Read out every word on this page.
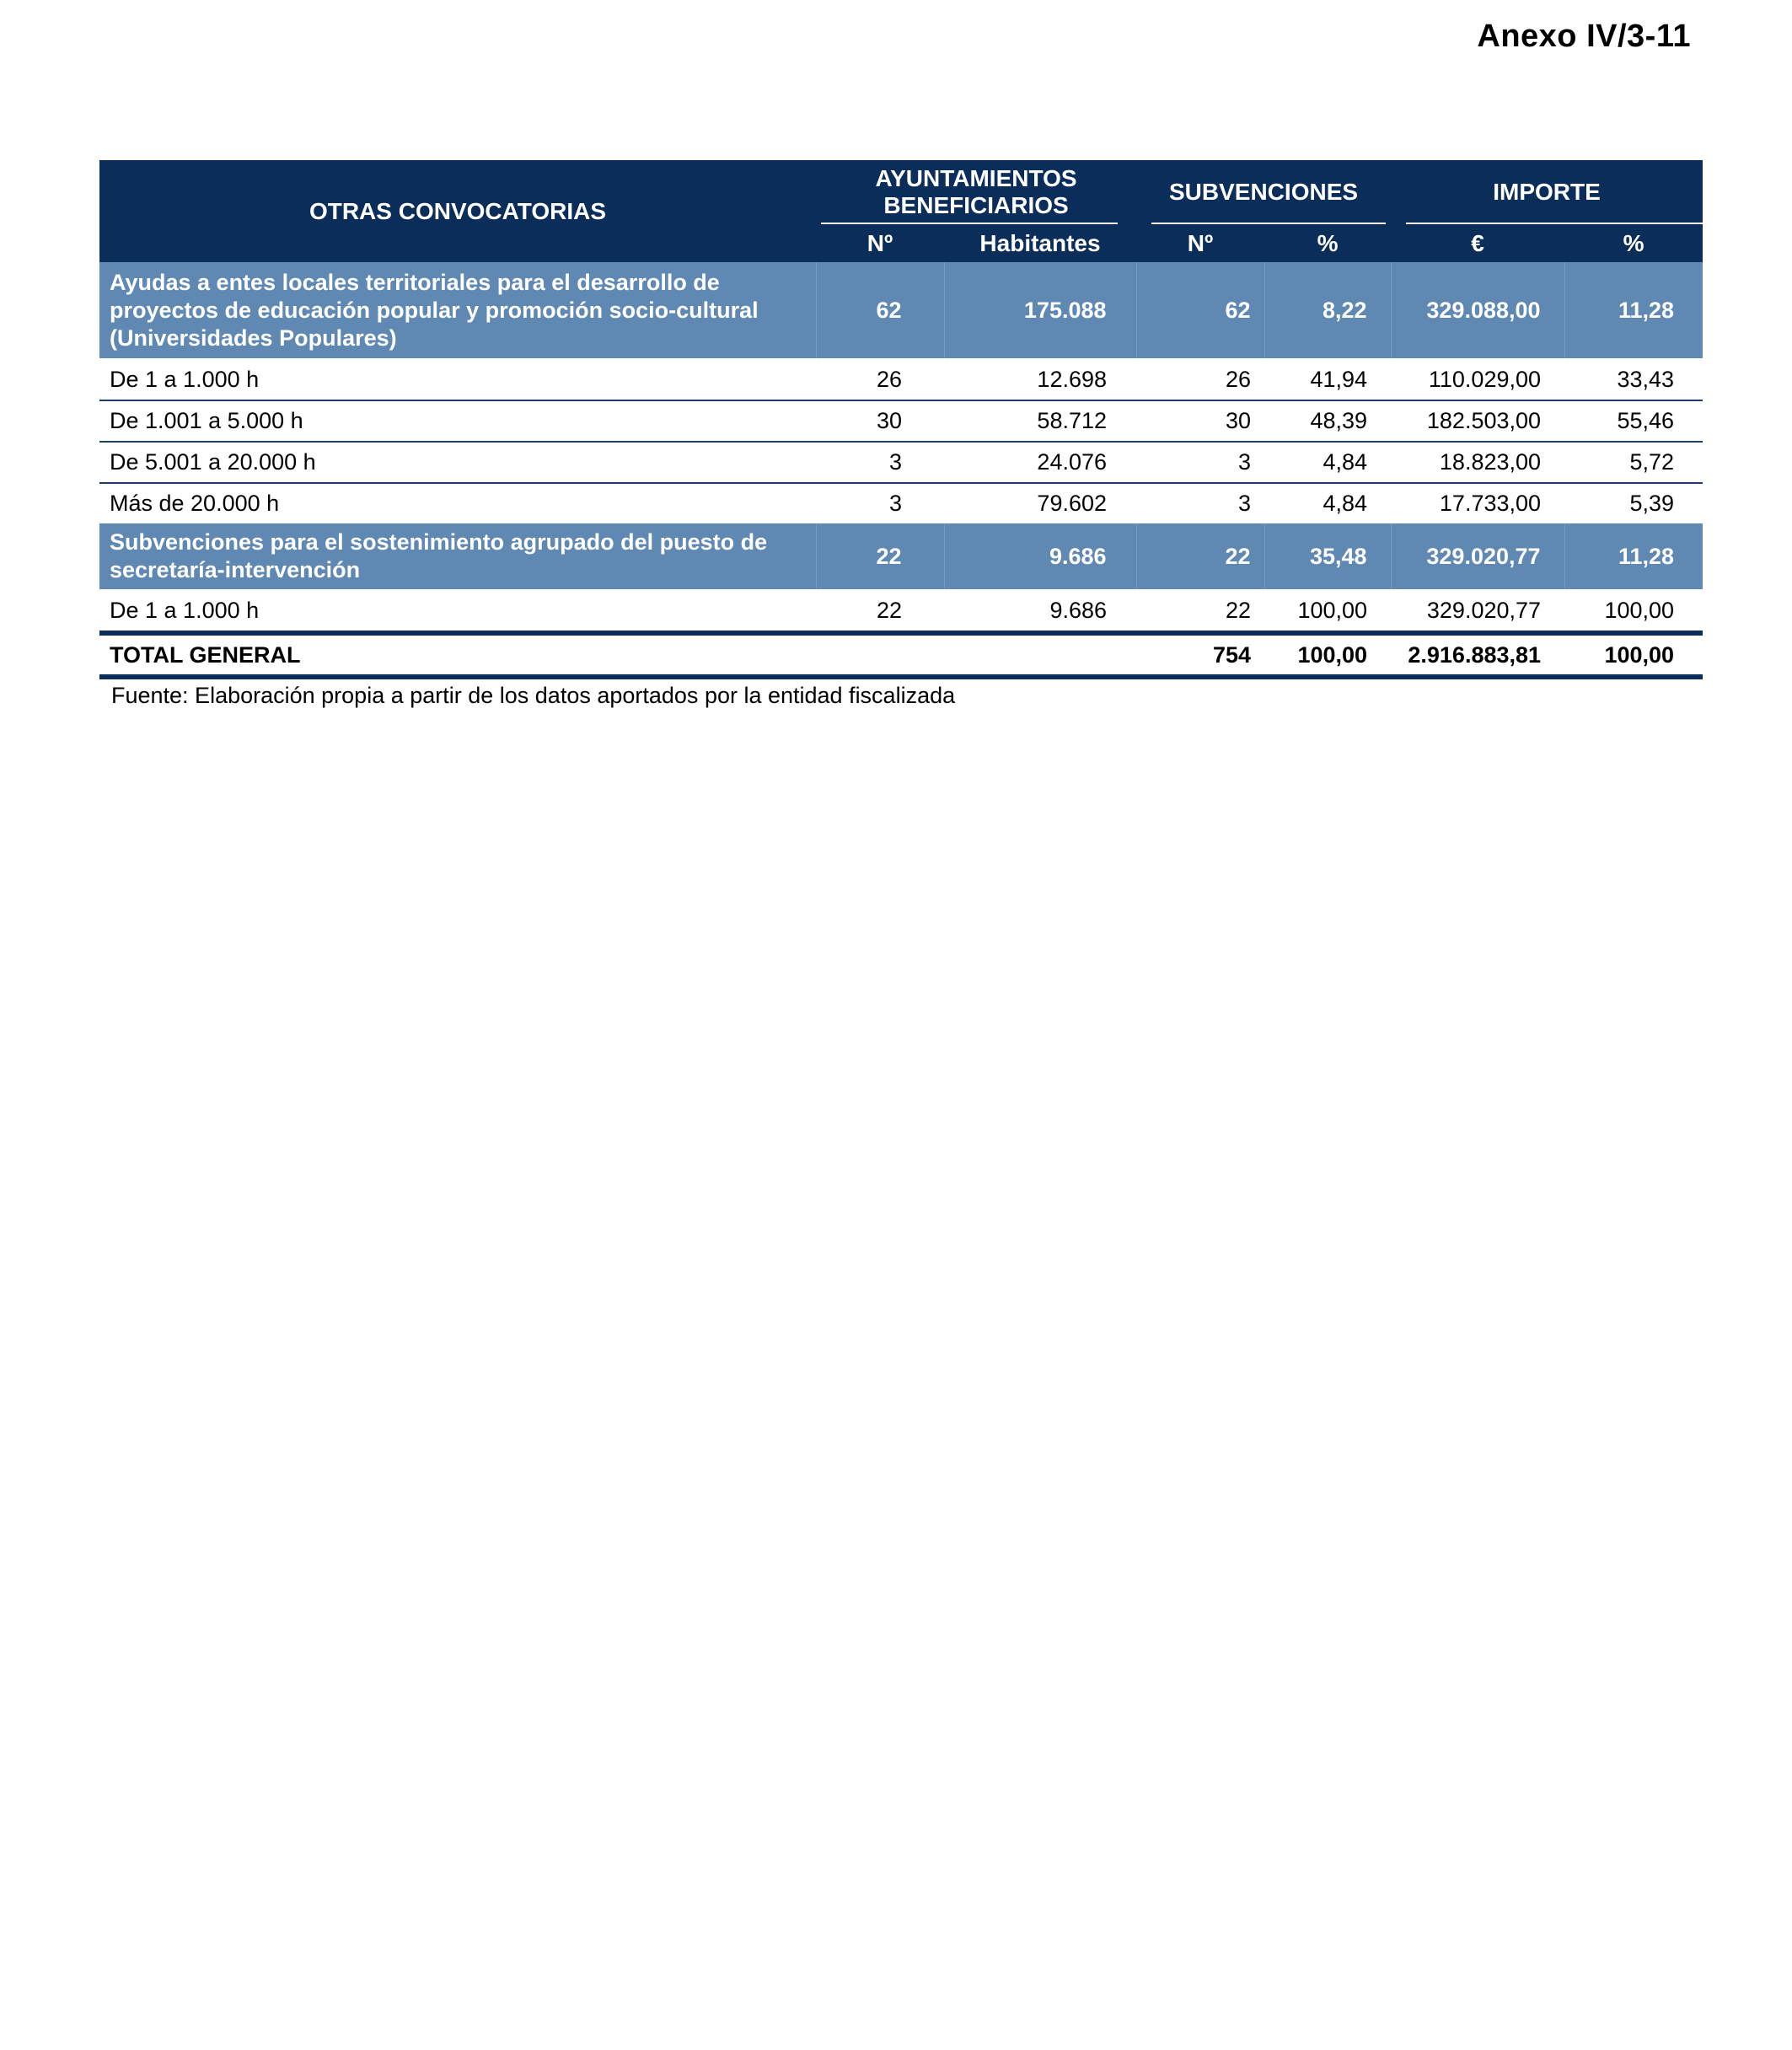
Anexo IV/3-11
OTRAS CONVOCATORIAS	AYUNTAMIENTOS BENEFICIARIOS		SUBVENCIONES		IMPORTE	

	Nº	Habitantes	Nº	%	€	%
Ayudas a entes locales territoriales para el desarrollo de proyectos de educación popular y promoción socio-cultural (Universidades Populares)	62	175.088	62	8,22	329.088,00	11,28
De 1 a 1.000 h	26	12.698	26	41,94	110.029,00	33,43
De 1.001 a 5.000 h	30	58.712	30	48,39	182.503,00	55,46
De 5.001 a 20.000 h	3	24.076	3	4,84	18.823,00	5,72
Más de 20.000 h	3	79.602	3	4,84	17.733,00	5,39
Subvenciones para el sostenimiento agrupado del puesto de secretaría-intervención	22	9.686	22	35,48	329.020,77	11,28
De 1 a 1.000 h	22	9.686	22	100,00	329.020,77	100,00
TOTAL GENERAL			754	100,00	2.916.883,81	100,00
Fuente: Elaboración propia a partir de los datos aportados por la entidad fiscalizada
